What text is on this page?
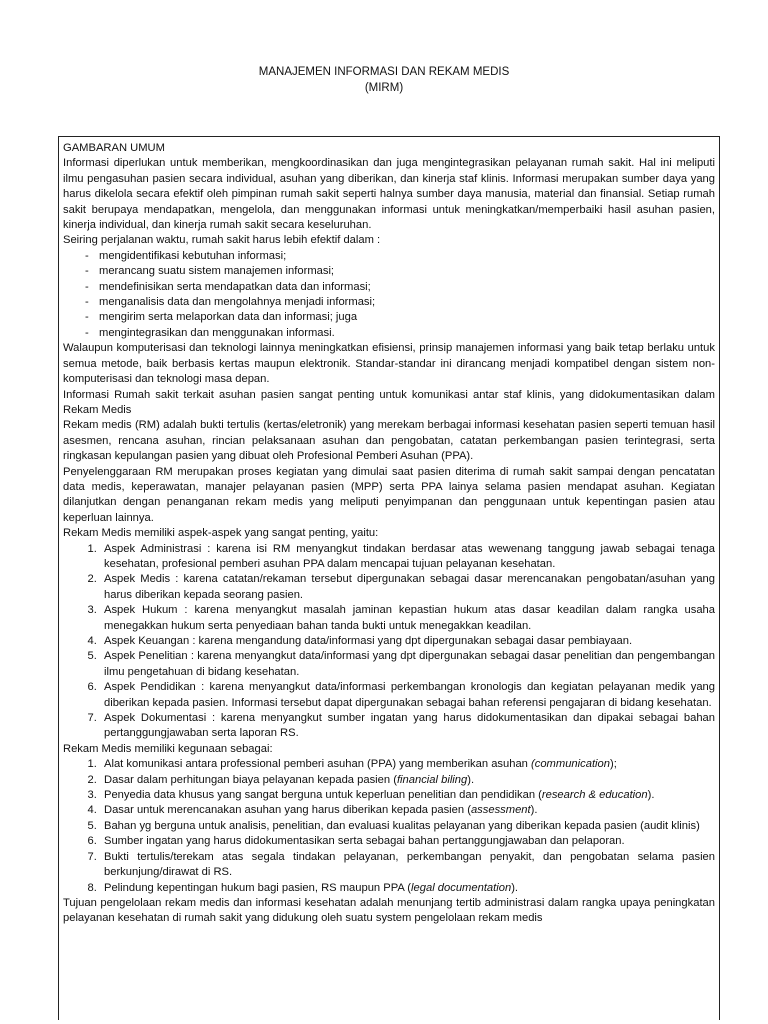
MANAJEMEN INFORMASI DAN REKAM MEDIS
(MIRM)

GAMBARAN UMUM

Informasi diperlukan untuk memberikan, mengkoordinasikan dan juga mengintegrasikan pelayanan rumah sakit. Hal ini meliputi ilmu pengasuhan pasien secara individual, asuhan yang diberikan, dan kinerja staf klinis. Informasi merupakan sumber daya yang harus dikelola secara efektif oleh pimpinan rumah sakit seperti halnya sumber daya manusia, material dan finansial. Setiap rumah sakit berupaya mendapatkan, mengelola, dan menggunakan informasi untuk meningkatkan/memperbaiki hasil asuhan pasien, kinerja individual, dan kinerja rumah sakit secara keseluruhan.

Seiring perjalanan waktu, rumah sakit harus lebih efektif dalam :

- mengidentifikasi kebutuhan informasi;
- merancang suatu sistem manajemen informasi;
- mendefinisikan serta mendapatkan data dan informasi;
- menganalisis data dan mengolahnya menjadi informasi;
- mengirim serta melaporkan data dan informasi; juga
- mengintegrasikan dan menggunakan informasi.

Walaupun komputerisasi dan teknologi lainnya meningkatkan efisiensi, prinsip manajemen informasi yang baik tetap berlaku untuk semua metode, baik berbasis kertas maupun elektronik. Standar-standar ini dirancang menjadi kompatibel dengan sistem non-komputerisasi dan teknologi masa depan.

Informasi Rumah sakit terkait asuhan pasien sangat penting untuk komunikasi antar staf klinis, yang didokumentasikan dalam Rekam Medis

Rekam medis (RM) adalah bukti tertulis (kertas/eletronik) yang merekam berbagai informasi kesehatan pasien seperti temuan hasil asesmen, rencana asuhan, rincian pelaksanaan asuhan dan pengobatan, catatan perkembangan pasien terintegrasi, serta ringkasan kepulangan pasien yang dibuat oleh Profesional Pemberi Asuhan (PPA).

Penyelenggaraan RM merupakan proses kegiatan yang dimulai saat pasien diterima di rumah sakit sampai dengan pencatatan data medis, keperawatan, manajer pelayanan pasien (MPP) serta PPA lainya selama pasien mendapat asuhan. Kegiatan dilanjutkan dengan penanganan rekam medis yang meliputi penyimpanan dan penggunaan untuk kepentingan pasien atau keperluan lainnya.

Rekam Medis memiliki aspek-aspek yang sangat penting, yaitu:

1. Aspek Administrasi : karena isi RM menyangkut tindakan berdasar atas wewenang tanggung jawab sebagai tenaga kesehatan, profesional pemberi asuhan PPA dalam mencapai tujuan pelayanan kesehatan.
2. Aspek Medis : karena catatan/rekaman tersebut dipergunakan sebagai dasar merencanakan pengobatan/asuhan yang harus diberikan kepada seorang pasien.
3. Aspek Hukum : karena menyangkut masalah jaminan kepastian hukum atas dasar keadilan dalam rangka usaha menegakkan hukum serta penyediaan bahan tanda bukti untuk menegakkan keadilan.
4. Aspek Keuangan : karena mengandung data/informasi yang dpt dipergunakan sebagai dasar pembiayaan.
5. Aspek Penelitian : karena menyangkut data/informasi yang dpt dipergunakan sebagai dasar penelitian dan pengembangan ilmu pengetahuan di bidang kesehatan.
6. Aspek Pendidikan : karena menyangkut data/informasi perkembangan kronologis dan kegiatan pelayanan medik yang diberikan kepada pasien. Informasi tersebut dapat dipergunakan sebagai bahan referensi pengajaran di bidang kesehatan.
7. Aspek Dokumentasi : karena menyangkut sumber ingatan yang harus didokumentasikan dan dipakai sebagai bahan pertanggungjawaban serta laporan RS.

Rekam Medis memiliki kegunaan sebagai:

1. Alat komunikasi antara professional pemberi asuhan (PPA) yang memberikan asuhan (communication);
2. Dasar dalam perhitungan biaya pelayanan kepada pasien (financial biling).
3. Penyedia data khusus yang sangat berguna untuk keperluan penelitian dan pendidikan (research & education).
4. Dasar untuk merencanakan asuhan yang harus diberikan kepada pasien (assessment).
5. Bahan yg berguna untuk analisis, penelitian, dan evaluasi kualitas pelayanan yang diberikan kepada pasien (audit klinis)
6. Sumber ingatan yang harus didokumentasikan serta sebagai bahan pertanggungjawaban dan pelaporan.
7. Bukti tertulis/terekam atas segala tindakan pelayanan, perkembangan penyakit, dan pengobatan selama pasien berkunjung/dirawat di RS.
8. Pelindung kepentingan hukum bagi pasien, RS maupun PPA (legal documentation).

Tujuan pengelolaan rekam medis dan informasi kesehatan adalah menunjang tertib administrasi dalam rangka upaya peningkatan pelayanan kesehatan di rumah sakit yang didukung oleh suatu system pengelolaan rekam medis
